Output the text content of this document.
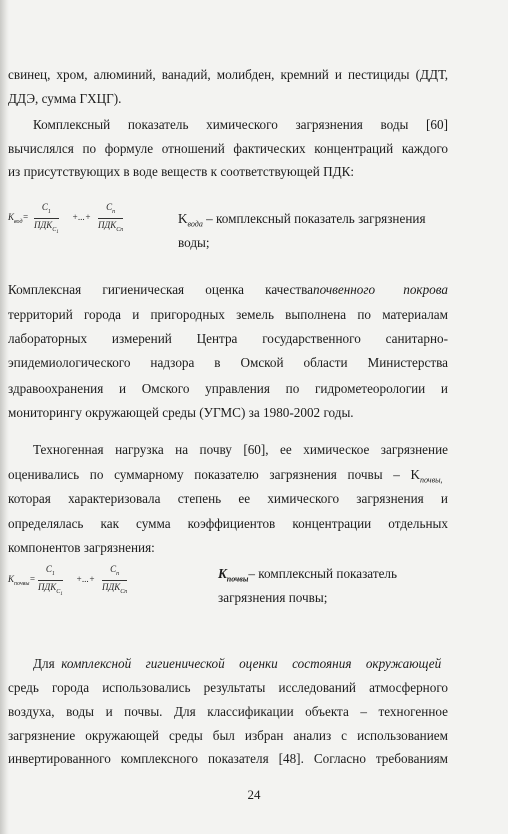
свинец, хром, алюминий, ванадий, молибден, кремний и пестициды (ДДТ,
ДДЭ, сумма ГХЦГ).
Комплексный показатель химического загрязнения воды [60]
вычислялся по формуле отношений фактических концентраций каждого
из присутствующих в воде веществ к соответствующей ПДК:
$K_{вод}=$
$C_1$
$ПДК_{C_1}$
+...+
$C_n$
$ПДК_{Cn}$
$K_{вода}$ – комплексный показатель загрязнения
воды;
Комплексная гигиеническая оценка качествапочвенного покрова
территорий города и пригородных земель выполнена по материалам
лабораторных измерений Центра государственного санитарно-
эпидемиологического надзора в Омской области Министерства
здравоохранения и Омского управления по гидрометеорологии и
мониторингу окружающей среды (УГМС) за 1980-2002 годы.
Техногенная нагрузка на почву [60], ее химическое загрязнение
оценивались по суммарному показателю загрязнения почвы – $K_{почвы,}$
которая характеризовала степень ее химического загрязнения и
определялась как сумма коэффициентов концентрации отдельных
компонентов загрязнения:
$K_{почвы}=$
$C_1$
$ПДК_{C_1}$
+...+
$C_n$
$ПДК_{Cn}$
$K_{почвы}-$ комплексный показатель
загрязнения почвы;
Для комплексной гигиенической оценки состояния окружающей
средь города использовались результаты исследований атмосферного
воздуха, воды и почвы. Для классификации объекта – техногенное
загрязнение окружающей среды был избран анализ с использованием
инвертированного комплексного показателя [48]. Согласно требованиям
24
